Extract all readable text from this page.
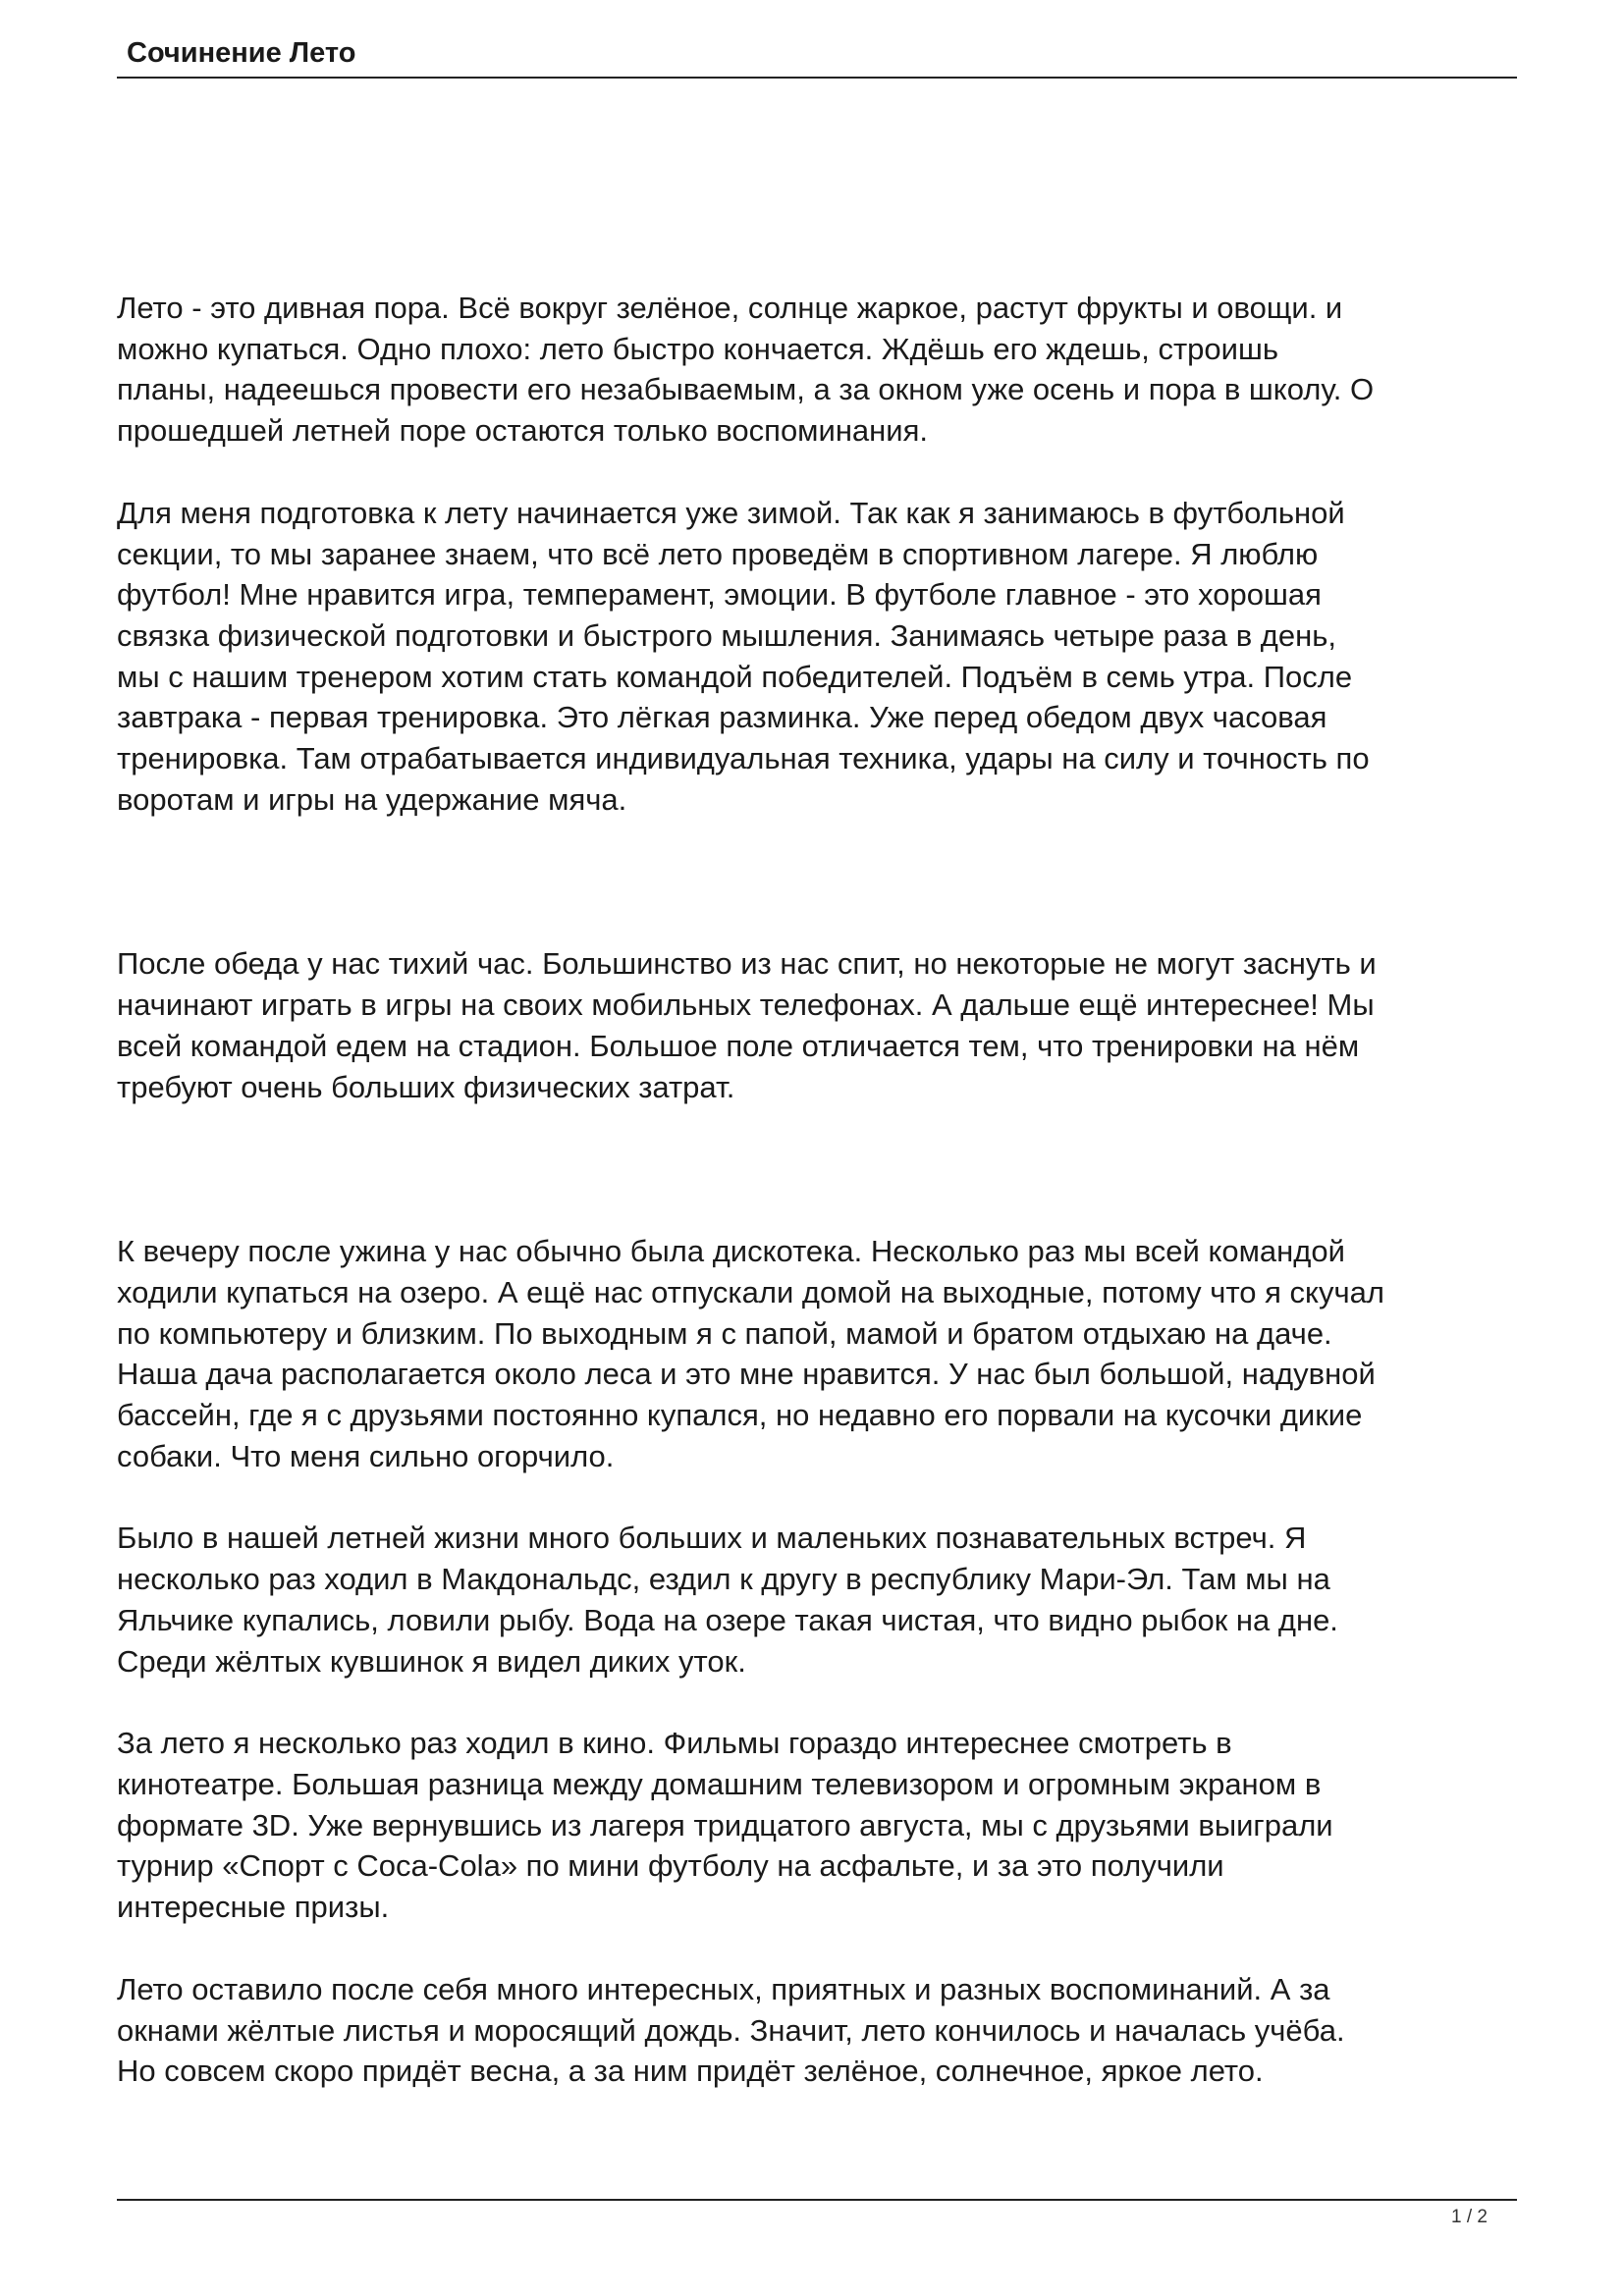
Сочинение Лето

Лето - это дивная пора. Всё вокруг зелёное, солнце жаркое, растут фрукты и овощи. и
можно купаться. Одно плохо: лето быстро кончается. Ждёшь его ждешь, строишь
планы, надеешься провести его незабываемым, а за окном уже осень и пора в школу. О
прошедшей летней поре остаются только воспоминания.

Для меня подготовка к лету начинается уже зимой. Так как я занимаюсь в футбольной
секции, то мы заранее знаем, что всё лето проведём в спортивном лагере. Я люблю
футбол! Мне нравится игра, темперамент, эмоции. В футболе главное - это хорошая
связка физической подготовки и быстрого мышления. Занимаясь четыре раза в день,
мы с нашим тренером хотим стать командой победителей. Подъём в семь утра. После
завтрака - первая тренировка. Это лёгкая разминка. Уже перед обедом двух часовая
тренировка. Там отрабатывается индивидуальная техника, удары на силу и точность по
воротам и игры на удержание мяча.

После обеда у нас тихий час. Большинство из нас спит, но некоторые не могут заснуть и
начинают играть в игры на своих мобильных телефонах. А дальше ещё интереснее! Мы
всей командой едем на стадион. Большое поле отличается тем, что тренировки на нём
требуют очень больших физических затрат.

К вечеру после ужина у нас обычно была дискотека. Несколько раз мы всей командой
ходили купаться на озеро. А ещё нас отпускали домой на выходные, потому что я скучал
по компьютеру и близким. По выходным я с папой, мамой и братом отдыхаю на даче.
Наша дача располагается около леса и это мне нравится. У нас был большой, надувной
бассейн, где я с друзьями постоянно купался, но недавно его порвали на кусочки дикие
собаки. Что меня сильно огорчило.

Было в нашей летней жизни много больших и маленьких познавательных встреч. Я
несколько раз ходил в Макдональдс, ездил к другу в республику Мари-Эл. Там мы на
Яльчике купались, ловили рыбу. Вода на озере такая чистая, что видно рыбок на дне.
Среди жёлтых кувшинок я видел диких уток.

За лето я несколько раз ходил в кино. Фильмы гораздо интереснее смотреть в
кинотеатре. Большая разница между домашним телевизором и огромным экраном в
формате 3D. Уже вернувшись из лагеря тридцатого августа, мы с друзьями выиграли
турнир «Спорт с Coca-Cola» по мини футболу на асфальте, и за это получили
интересные призы.

Лето оставило после себя много интересных, приятных и разных воспоминаний. А за
окнами жёлтые листья и моросящий дождь. Значит, лето кончилось и началась учёба.
Но совсем скоро придёт весна, а за ним придёт зелёное, солнечное, яркое лето.

1 / 2
